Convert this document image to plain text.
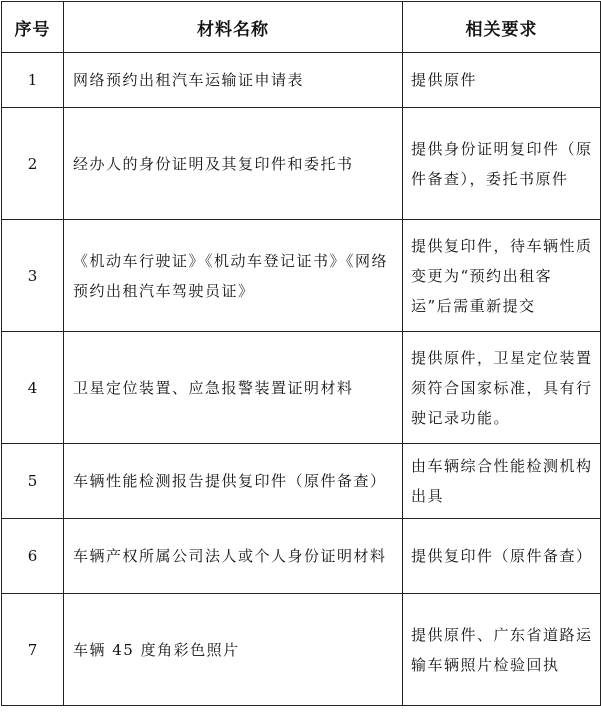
序号	材料名称	相关要求
1	网络预约出租汽车运输证申请表	提供原件
2	经办人的身份证明及其复印件和委托书	提供身份证明复印件（原件备查），委托书原件
3	《机动车行驶证》《机动车登记证书》《网络预约出租汽车驾驶员证》	提供复印件，待车辆性质变更为“预约出租客运”后需重新提交
4	卫星定位装置、应急报警装置证明材料	提供原件，卫星定位装置须符合国家标准，具有行驶记录功能。
5	车辆性能检测报告提供复印件（原件备查）	由车辆综合性能检测机构出具
6	车辆产权所属公司法人或个人身份证明材料	提供复印件（原件备查）
7	车辆 45 度角彩色照片	提供原件、广东省道路运输车辆照片检验回执
